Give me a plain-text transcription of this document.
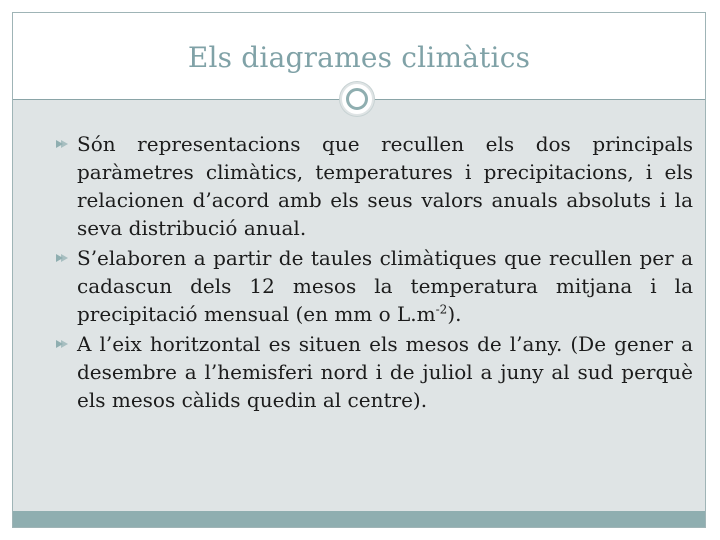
Els diagrames climàtics
Són representacions que recullen els dos principals paràmetres climàtics, temperatures i precipitacions, i els relacionen d’acord amb els seus valors anuals absoluts i la seva distribució anual.
S’elaboren a partir de taules climàtiques que recullen per a cadascun dels 12 mesos la temperatura mitjana i la precipitació mensual (en mm o $L.m^{-2}$).
A l’eix horitzontal es situen els mesos de l’any. (De gener a desembre a l’hemisferi nord i de juliol a juny al sud perquè els mesos càlids quedin al centre).
